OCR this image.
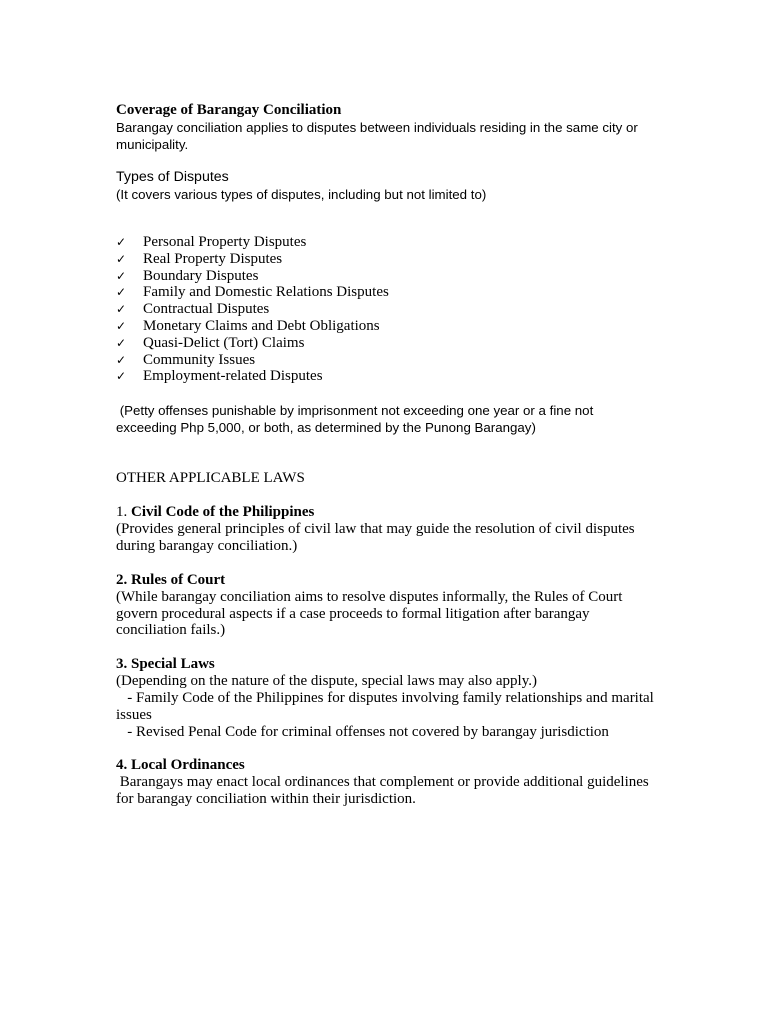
Coverage of Barangay Conciliation

Barangay conciliation applies to disputes between individuals residing in the same city or municipality.

Types of Disputes

(It covers various types of disputes, including but not limited to)

✓	Personal Property Disputes
✓	Real Property Disputes
✓	Boundary Disputes
✓	Family and Domestic Relations Disputes
✓	Contractual Disputes
✓	Monetary Claims and Debt Obligations
✓	Quasi-Delict (Tort) Claims
✓	Community Issues
✓	Employment-related Disputes

(Petty offenses punishable by imprisonment not exceeding one year or a fine not exceeding Php 5,000, or both, as determined by the Punong Barangay)

OTHER APPLICABLE LAWS

1. Civil Code of the Philippines

(Provides general principles of civil law that may guide the resolution of civil disputes during barangay conciliation.)

2. Rules of Court

(While barangay conciliation aims to resolve disputes informally, the Rules of Court govern procedural aspects if a case proceeds to formal litigation after barangay conciliation fails.)

3. Special Laws

(Depending on the nature of the dispute, special laws may also apply.)

- Family Code of the Philippines for disputes involving family relationships and marital issues

- Revised Penal Code for criminal offenses not covered by barangay jurisdiction

4. Local Ordinances

Barangays may enact local ordinances that complement or provide additional guidelines for barangay conciliation within their jurisdiction.
